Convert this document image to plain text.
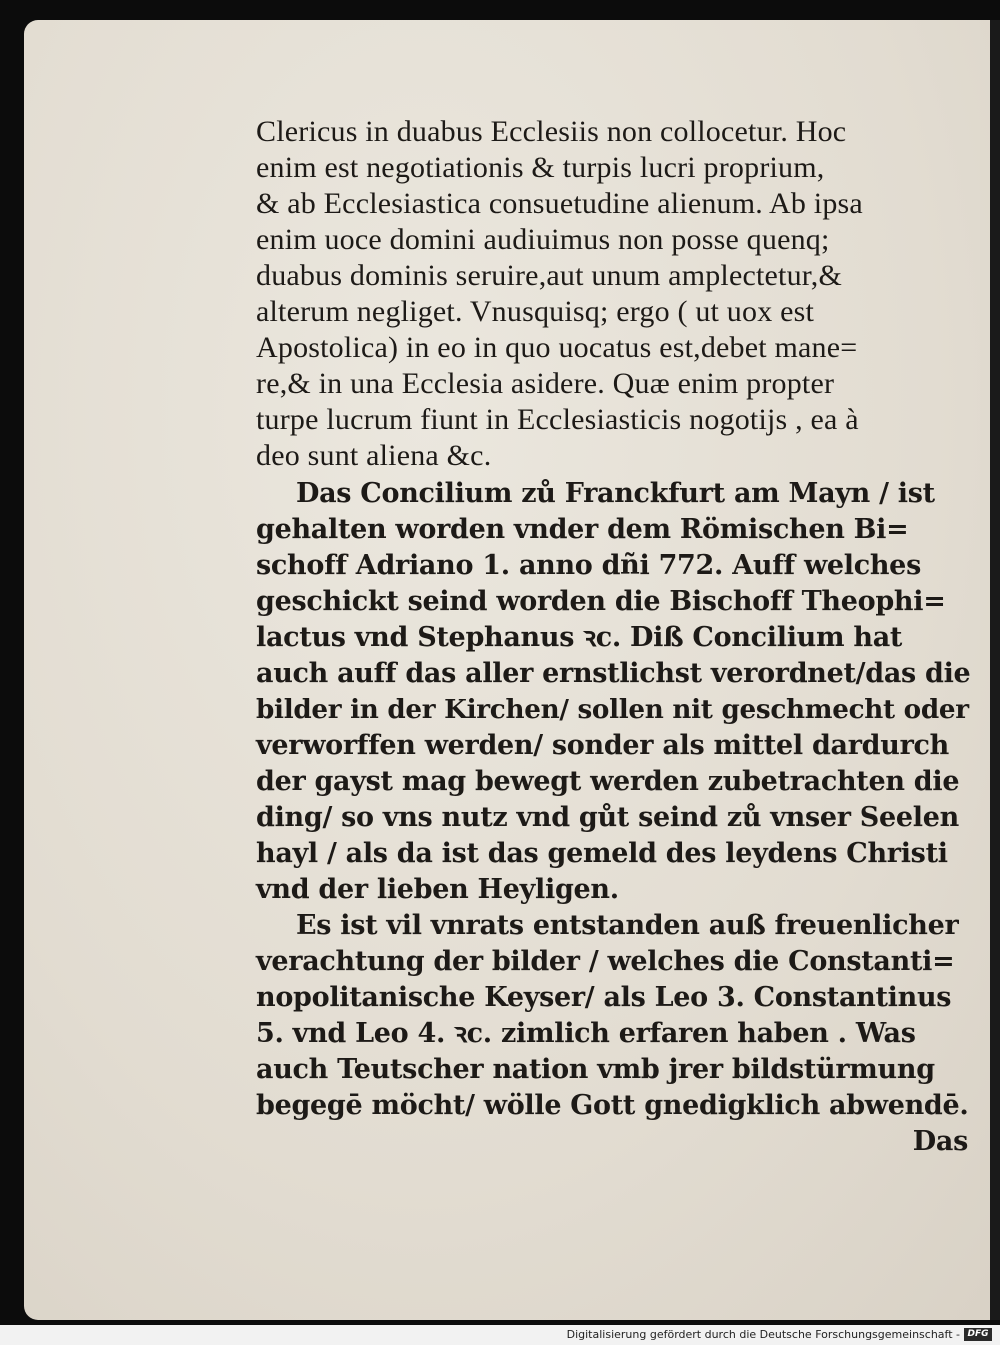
Clericus in duabus Ecclesiis non collocetur. Hoc
enim est negotiationis & turpis lucri proprium,
& ab Ecclesiastica consuetudine alienum. Ab ipsa
enim uoce domini audiuimus non posse quenq;
duabus dominis seruire,aut unum amplectetur,&
alterum negliget. Vnusquisq; ergo ( ut uox est
Apostolica) in eo in quo uocatus est,debet mane=
re,& in una Ecclesia asidere. Quæ enim propter
turpe lucrum fiunt in Ecclesiasticis nogotijs , ea à
deo sunt aliena &c.
Das Concilium zů Franckfurt am Mayn / ist
gehalten worden vnder dem Römischen Bi=
schoff Adriano 1. anno dñi 772. Auff welches
geschickt seind worden die Bischoff Theophi=
lactus vnd Stephanus ꝛc. Diß Concilium hat
auch auff das aller ernstlichst verordnet/das die
bilder in der Kirchen/ sollen nit geschmecht oder
verworffen werden/ sonder als mittel dardurch
der gayst mag bewegt werden zubetrachten die
ding/ so vns nutz vnd gůt seind zů vnser Seelen
hayl / als da ist das gemeld des leydens Christi
vnd der lieben Heyligen.
Es ist vil vnrats entstanden auß freuenlicher
verachtung der bilder / welches die Constanti=
nopolitanische Keyser/ als Leo 3. Constantinus
5. vnd Leo 4. ꝛc. zimlich erfaren haben . Was
auch Teutscher nation vmb jrer bildstürmung
begegē möcht/ wölle Gott gnedigklich abwendē.
Das
Digitalisierung gefördert durch die Deutsche Forschungsgemeinschaft - DFG
